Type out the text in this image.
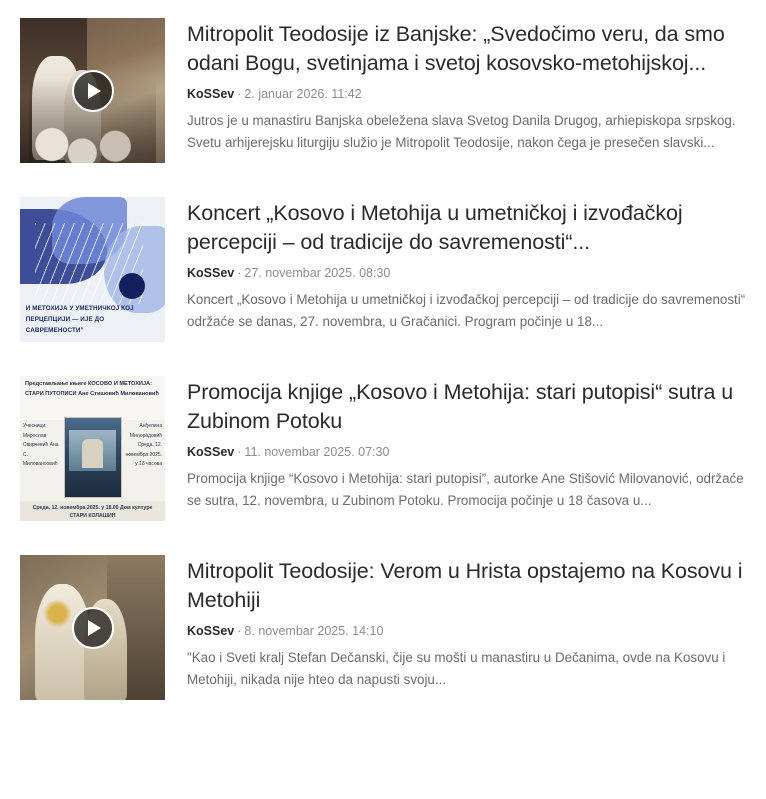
Mitropolit Teodosije iz Banjske: „Svedočimo veru, da smo odani Bogu, svetinjama i svetoj kosovsko-metohijskoj...
KoSSev · 2. januar 2026. 11:42
Jutros je u manastiru Banjska obeležena slava Svetog Danila Drugog, arhiepiskopa srpskog. Svetu arhijerejsku liturgiju služio je Mitropolit Teodosije, nakon čega je presečen slavski...
И МЕТОХИЈА У УМЕТНИЧКОЈ КОЈ ПЕРЦЕПЦИЈИ — ИЈЕ ДО САВРЕМЕНОСТИ”
Koncert „Kosovo i Metohija u umetničkoj i izvođačkoj percepciji – od tradicije do savremenosti“...
KoSSev · 27. novembar 2025. 08:30
Koncert „Kosovo i Metohija u umetničkoj i izvođačkoj percepciji – od tradicije do savremenosti“ održaće se danas, 27. novembra, u Gračanici. Program počinje u 18...
Представљање књиге КОСОВО И МЕТОХИЈА: СТАРИ ПУТОПИСИ Ане Стишовић Миловановић
Учесници: Мирослав Свирчевић Ана С. Милованоовић
Анђелина Милорадовић Среда, 12. новембра 2025. у 18 часова
Среда, 12. новембра 2025. у 18.00 Дом културе СТАРИ КОЛАШИН
Promocija knjige „Kosovo i Metohija: stari putopisi“ sutra u Zubinom Potoku
KoSSev · 11. novembar 2025. 07:30
Promocija knjige “Kosovo i Metohija: stari putopisi”, autorke Ane Stišović Milovanović, održaće se sutra, 12. novembra, u Zubinom Potoku. Promocija počinje u 18 časova u...
Mitropolit Teodosije: Verom u Hrista opstajemo na Kosovu i Metohiji
KoSSev · 8. novembar 2025. 14:10
"Kao i Sveti kralj Stefan Dečanski, čije su mošti u manastiru u Dečanima, ovde na Kosovu i Metohiji, nikada nije hteo da napusti svoju...
